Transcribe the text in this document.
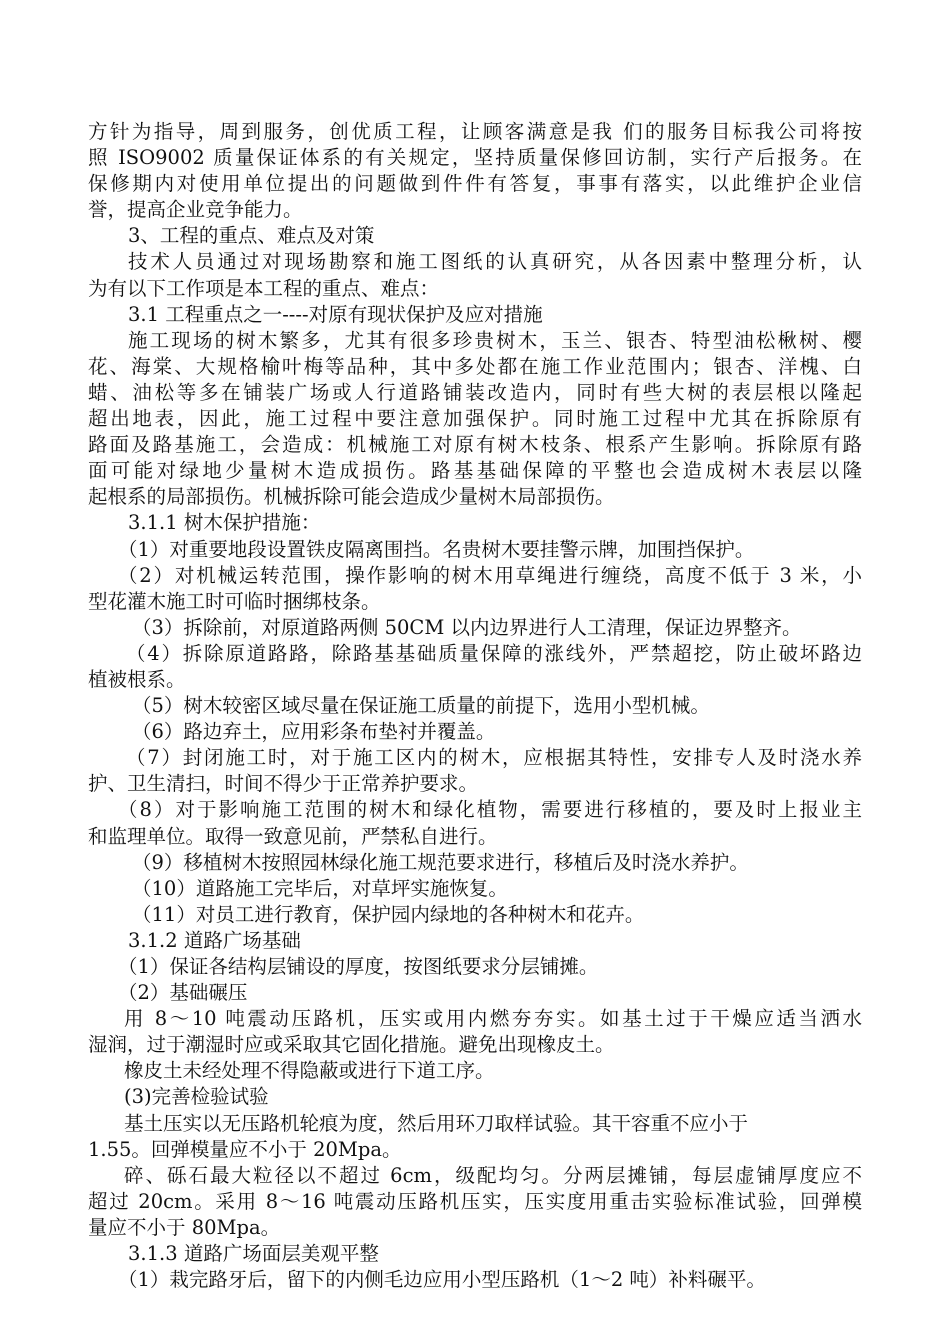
方针为指导，周到服务，创优质工程，让顾客满意是我 们的服务目标我公司将按
照 ISO9002 质量保证体系的有关规定，坚持质量保修回访制，实行产后报务。在
保修期内对使用单位提出的问题做到件件有答复，事事有落实，以此维护企业信
誉，提高企业竞争能力。
3、工程的重点、难点及对策
技术人员通过对现场勘察和施工图纸的认真研究，从各因素中整理分析，认
为有以下工作项是本工程的重点、难点：
3.1 工程重点之一----对原有现状保护及应对措施
施工现场的树木繁多，尤其有很多珍贵树木，玉兰、银杏、特型油松楸树、樱
花、海棠、大规格榆叶梅等品种，其中多处都在施工作业范围内；银杏、洋槐、白
蜡、油松等多在铺装广场或人行道路铺装改造内，同时有些大树的表层根以隆起
超出地表，因此，施工过程中要注意加强保护。同时施工过程中尤其在拆除原有
路面及路基施工，会造成：机械施工对原有树木枝条、根系产生影响。拆除原有路
面可能对绿地少量树木造成损伤。路基基础保障的平整也会造成树木表层以隆
起根系的局部损伤。机械拆除可能会造成少量树木局部损伤。
3.1.1 树木保护措施：
（1）对重要地段设置铁皮隔离围挡。名贵树木要挂警示牌，加围挡保护。
（2）对机械运转范围，操作影响的树木用草绳进行缠绕，高度不低于 3 米，小
型花灌木施工时可临时捆绑枝条。
（3）拆除前，对原道路两侧 50CM 以内边界进行人工清理，保证边界整齐。
（4）拆除原道路路，除路基基础质量保障的涨线外，严禁超挖，防止破坏路边
植被根系。
（5）树木较密区域尽量在保证施工质量的前提下，选用小型机械。
（6）路边弃土，应用彩条布垫衬并覆盖。
（7）封闭施工时，对于施工区内的树木，应根据其特性，安排专人及时浇水养
护、卫生清扫，时间不得少于正常养护要求。
（8）对于影响施工范围的树木和绿化植物，需要进行移植的，要及时上报业主
和监理单位。取得一致意见前，严禁私自进行。
（9）移植树木按照园林绿化施工规范要求进行，移植后及时浇水养护。
（10）道路施工完毕后，对草坪实施恢复。
（11）对员工进行教育，保护园内绿地的各种树木和花卉。
3.1.2 道路广场基础
（1）保证各结构层铺设的厚度，按图纸要求分层铺摊。
（2）基础碾压
用 8～10 吨震动压路机，压实或用内燃夯夯实。如基土过于干燥应适当洒水
湿润，过于潮湿时应或采取其它固化措施。避免出现橡皮土。
橡皮土未经处理不得隐蔽或进行下道工序。
(3)完善检验试验
基土压实以无压路机轮痕为度，然后用环刀取样试验。其干容重不应小于
1.55。回弹模量应不小于 20Mpa。
碎、砾石最大粒径以不超过 6cm，级配均匀。分两层摊铺，每层虚铺厚度应不
超过 20cm。采用 8～16 吨震动压路机压实，压实度用重击实验标准试验，回弹模
量应不小于 80Mpa。
3.1.3 道路广场面层美观平整
（1）栽完路牙后，留下的内侧毛边应用小型压路机（1～2 吨）补料碾平。
